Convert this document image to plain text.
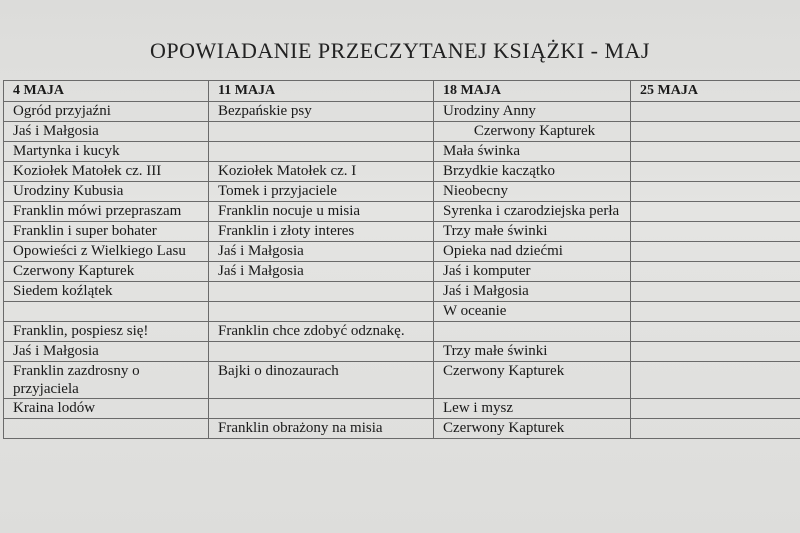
OPOWIADANIE PRZECZYTANEJ KSIĄŻKI - MAJ
4 MAJA	11 MAJA	18 MAJA	25 MAJA
Ogród przyjaźni	Bezpańskie psy	Urodziny Anny	
Jaś i Małgosia		Czerwony Kapturek	
Martynka i kucyk		Mała świnka	
Koziołek Matołek cz. III	Koziołek Matołek cz. I	Brzydkie kaczątko	
Urodziny Kubusia	Tomek i przyjaciele	Nieobecny	
Franklin mówi przepraszam	Franklin nocuje u misia	Syrenka i czarodziejska perła	
Franklin i super bohater	Franklin i złoty interes	Trzy małe świnki	
Opowieści z Wielkiego Lasu	Jaś i Małgosia	Opieka nad dziećmi	
Czerwony Kapturek	Jaś i Małgosia	Jaś i komputer	
Siedem koźlątek		Jaś i Małgosia	
		W oceanie	
Franklin, pospiesz się!	Franklin chce zdobyć odznakę.		
Jaś i Małgosia		Trzy małe świnki	
Franklin zazdrosny o przyjaciela	Bajki o dinozaurach	Czerwony Kapturek	
Kraina lodów		Lew i mysz	
	Franklin obrażony na misia	Czerwony Kapturek	
